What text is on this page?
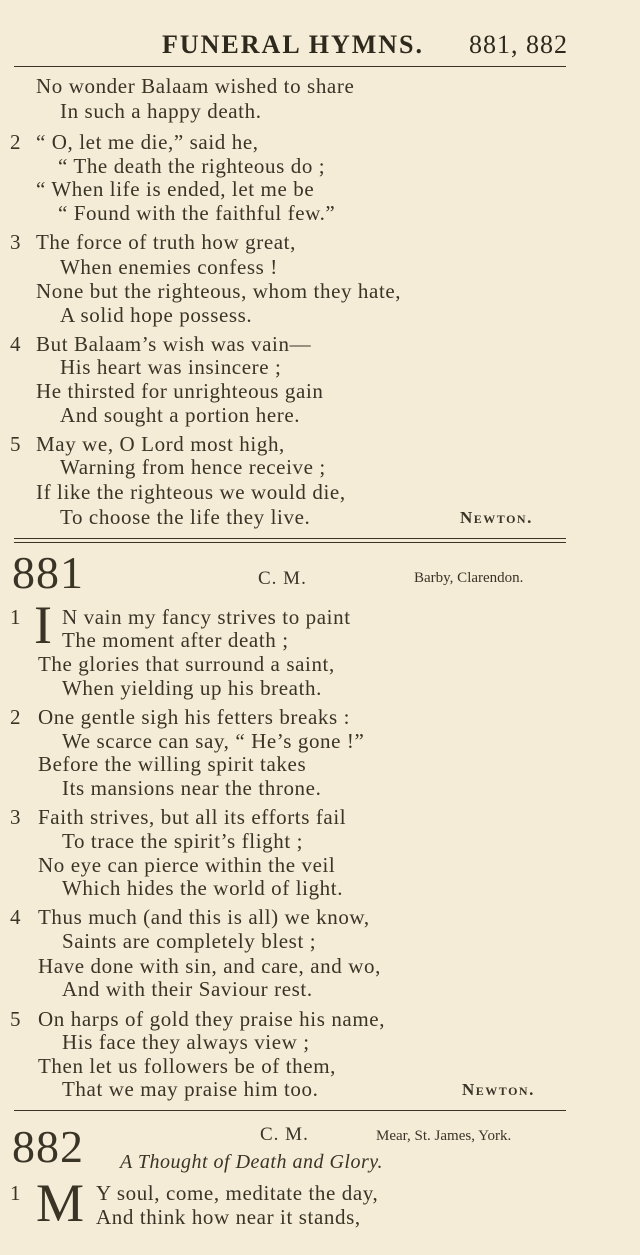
FUNERAL HYMNS. 881, 882
No wonder Balaam wished to share
In such a happy death.
2 “ O, let me die,” said he,
“ The death the righteous do ;
“ When life is ended, let me be
“ Found with the faithful few.”
3 The force of truth how great,
When enemies confess !
None but the righteous, whom they hate,
A solid hope possess.
4 But Balaam’s wish was vain—
His heart was insincere ;
He thirsted for unrighteous gain
And sought a portion here.
5 May we, O Lord most high,
Warning from hence receive ;
If like the righteous we would die,
To choose the life they live.	Newton.
881	C. M.	Barby, Clarendon.
1 I N vain my fancy strives to paint
The moment after death ;
The glories that surround a saint,
When yielding up his breath.
2 One gentle sigh his fetters breaks :
We scarce can say, “ He’s gone !”
Before the willing spirit takes
Its mansions near the throne.
3 Faith strives, but all its efforts fail
To trace the spirit’s flight ;
No eye can pierce within the veil
Which hides the world of light.
4 Thus much (and this is all) we know,
Saints are completely blest ;
Have done with sin, and care, and wo,
And with their Saviour rest.
5 On harps of gold they praise his name,
His face they always view ;
Then let us followers be of them,
That we may praise him too.	Newton.
882	C. M.	Mear, St. James, York.
A Thought of Death and Glory.
1 M Y soul, come, meditate the day,
And think how near it stands,
